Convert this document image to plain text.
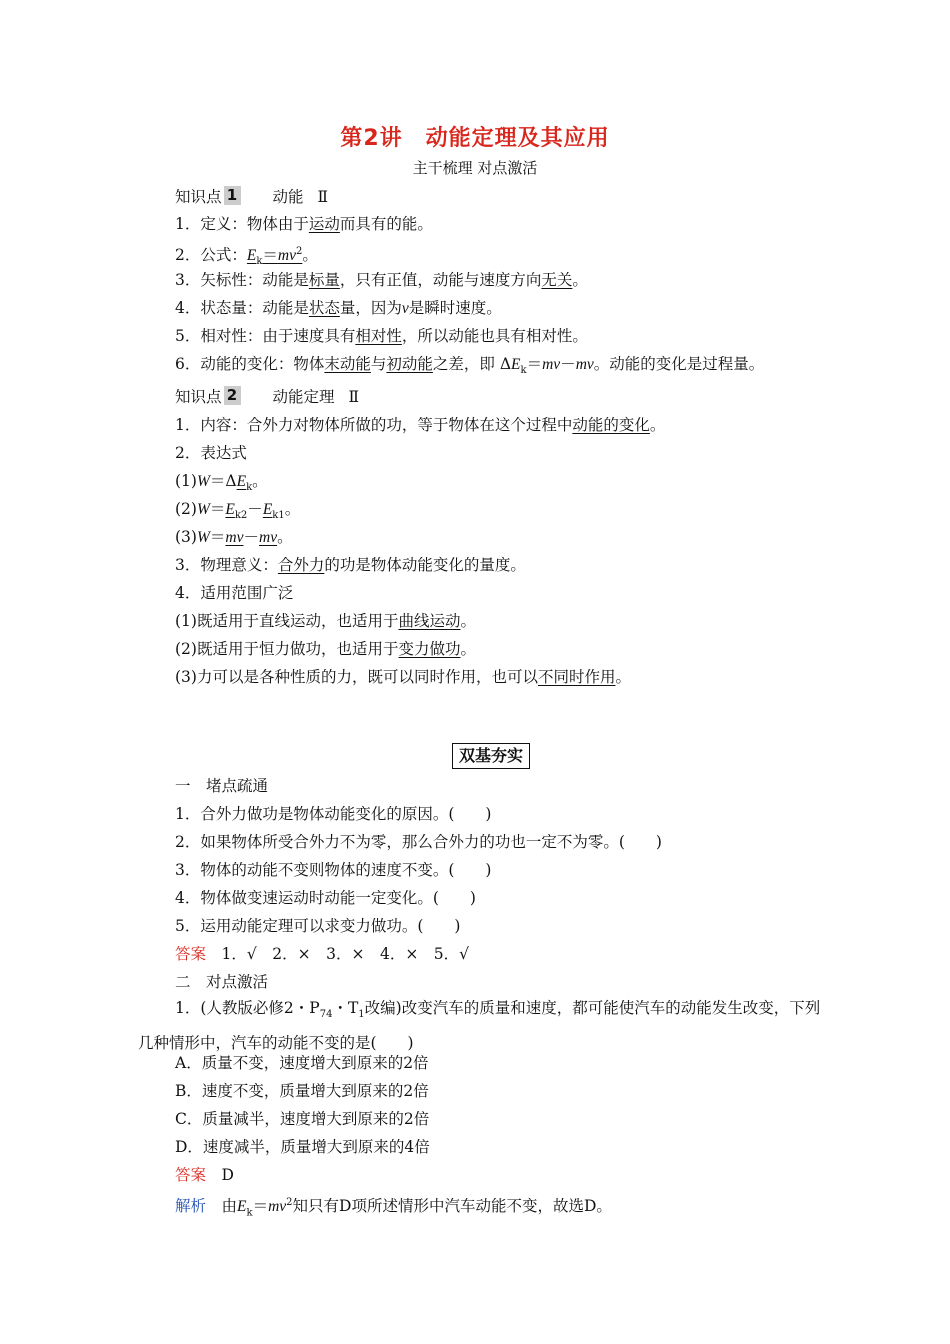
第2讲　动能定理及其应用
主干梳理 对点激活
知识点 1 动能 Ⅱ
1．定义：物体由于运动而具有的能。
2．公式：$E_k=mv^2$。
3．矢标性：动能是标量，只有正值，动能与速度方向无关。
4．状态量：动能是状态量，因为v是瞬时速度。
5．相对性：由于速度具有相对性，所以动能也具有相对性。
6．动能的变化：物体末动能与初动能之差，即 $\Delta E_k=mv-mv$。动能的变化是过程量。
知识点 2 动能定理 Ⅱ
1．内容：合外力对物体所做的功，等于物体在这个过程中动能的变化。
2．表达式
$(1)W=\Delta E_k$。
$(2)W=E_{k2}-E_{k1}$。
(3)W＝mv－mv。
3．物理意义：合外力的功是物体动能变化的量度。
4．适用范围广泛
(1)既适用于直线运动，也适用于曲线运动。
(2)既适用于恒力做功，也适用于变力做功。
(3)力可以是各种性质的力，既可以同时作用，也可以不同时作用。
双基夯实
一　堵点疏通
1．合外力做功是物体动能变化的原因。(　　)
2．如果物体所受合外力不为零，那么合外力的功也一定不为零。(　　)
3．物体的动能不变则物体的速度不变。(　　)
4．物体做变速运动时动能一定变化。(　　)
5．运用动能定理可以求变力做功。(　　)
答案　1．√　2．×　3．×　4．×　5．√
二　对点激活
1．(人教版必修2・$P_{74}$・$T_1$改编)改变汽车的质量和速度，都可能使汽车的动能发生改变，下列几种情形中，汽车的动能不变的是(　　)
A．质量不变，速度增大到原来的2倍
B．速度不变，质量增大到原来的2倍
C．质量减半，速度增大到原来的2倍
D．速度减半，质量增大到原来的4倍
答案　D
解析　由$E_k=mv^2$知只有D项所述情形中汽车动能不变，故选D。
